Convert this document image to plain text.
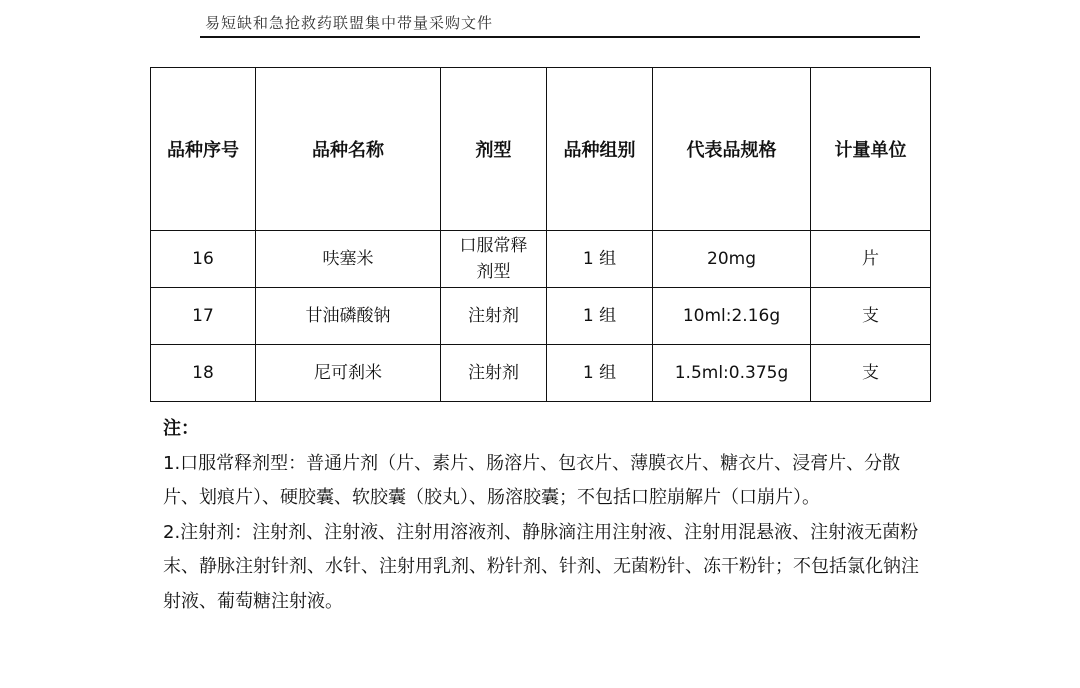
易短缺和急抢救药联盟集中带量采购文件
品种序号	品种名称	剂型	品种组别	代表品规格	计量单位
16	呋塞米	口服常释剂型	1 组	20mg	片
17	甘油磷酸钠	注射剂	1 组	10ml:2.16g	支
18	尼可刹米	注射剂	1 组	1.5ml:0.375g	支

注：

1.口服常释剂型：普通片剂（片、素片、肠溶片、包衣片、薄膜衣片、糖衣片、浸膏片、分散片、划痕片）、硬胶囊、软胶囊（胶丸）、肠溶胶囊；不包括口腔崩解片（口崩片）。

2.注射剂：注射剂、注射液、注射用溶液剂、静脉滴注用注射液、注射用混悬液、注射液无菌粉末、静脉注射针剂、水针、注射用乳剂、粉针剂、针剂、无菌粉针、冻干粉针；不包括氯化钠注射液、葡萄糖注射液。
